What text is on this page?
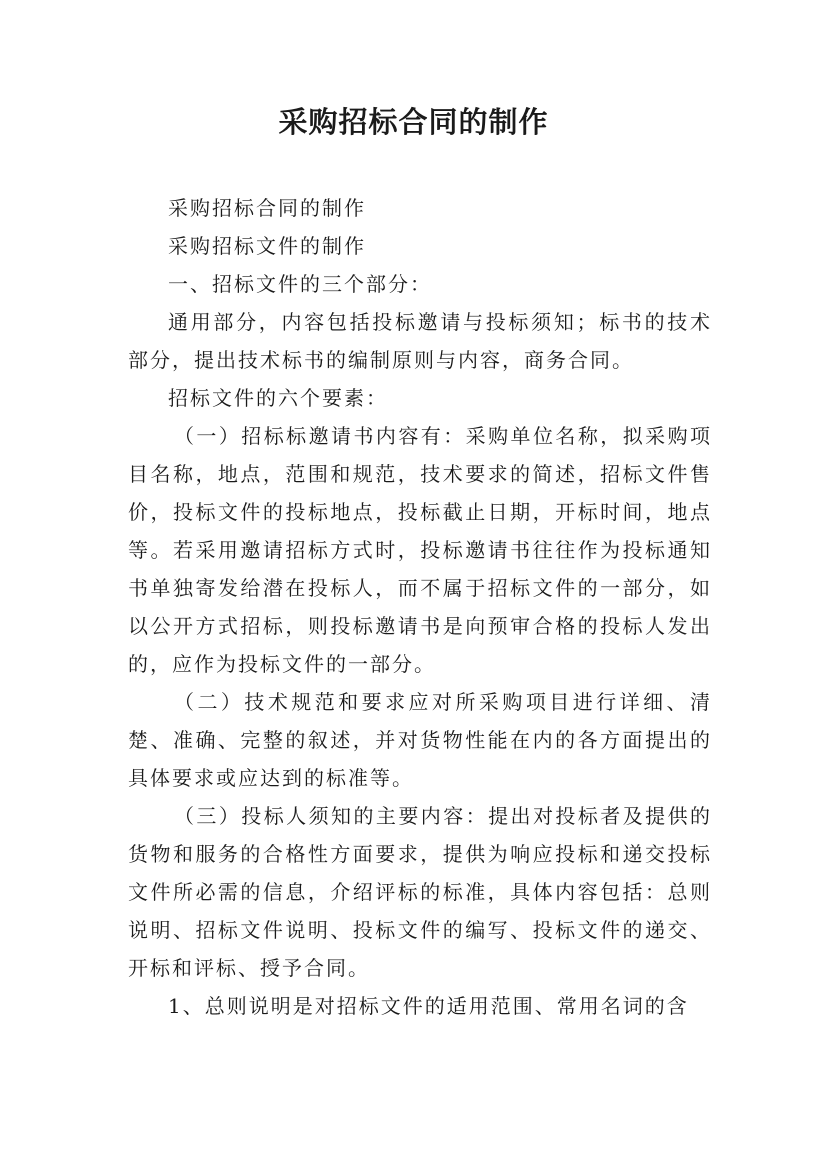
采购招标合同的制作

采购招标合同的制作

采购招标文件的制作

一、招标文件的三个部分：

通用部分，内容包括投标邀请与投标须知；标书的技术部分，提出技术标书的编制原则与内容，商务合同。

招标文件的六个要素：

（一）招标标邀请书内容有：采购单位名称，拟采购项目名称，地点，范围和规范，技术要求的简述，招标文件售价，投标文件的投标地点，投标截止日期，开标时间，地点等。若采用邀请招标方式时，投标邀请书往往作为投标通知书单独寄发给潜在投标人，而不属于招标文件的一部分，如以公开方式招标，则投标邀请书是向预审合格的投标人发出的，应作为投标文件的一部分。

（二）技术规范和要求应对所采购项目进行详细、清楚、准确、完整的叙述，并对货物性能在内的各方面提出的具体要求或应达到的标准等。

（三）投标人须知的主要内容：提出对投标者及提供的货物和服务的合格性方面要求，提供为响应投标和递交投标文件所必需的信息，介绍评标的标准，具体内容包括：总则说明、招标文件说明、投标文件的编写、投标文件的递交、开标和评标、授予合同。

1、总则说明是对招标文件的适用范围、常用名词的含
